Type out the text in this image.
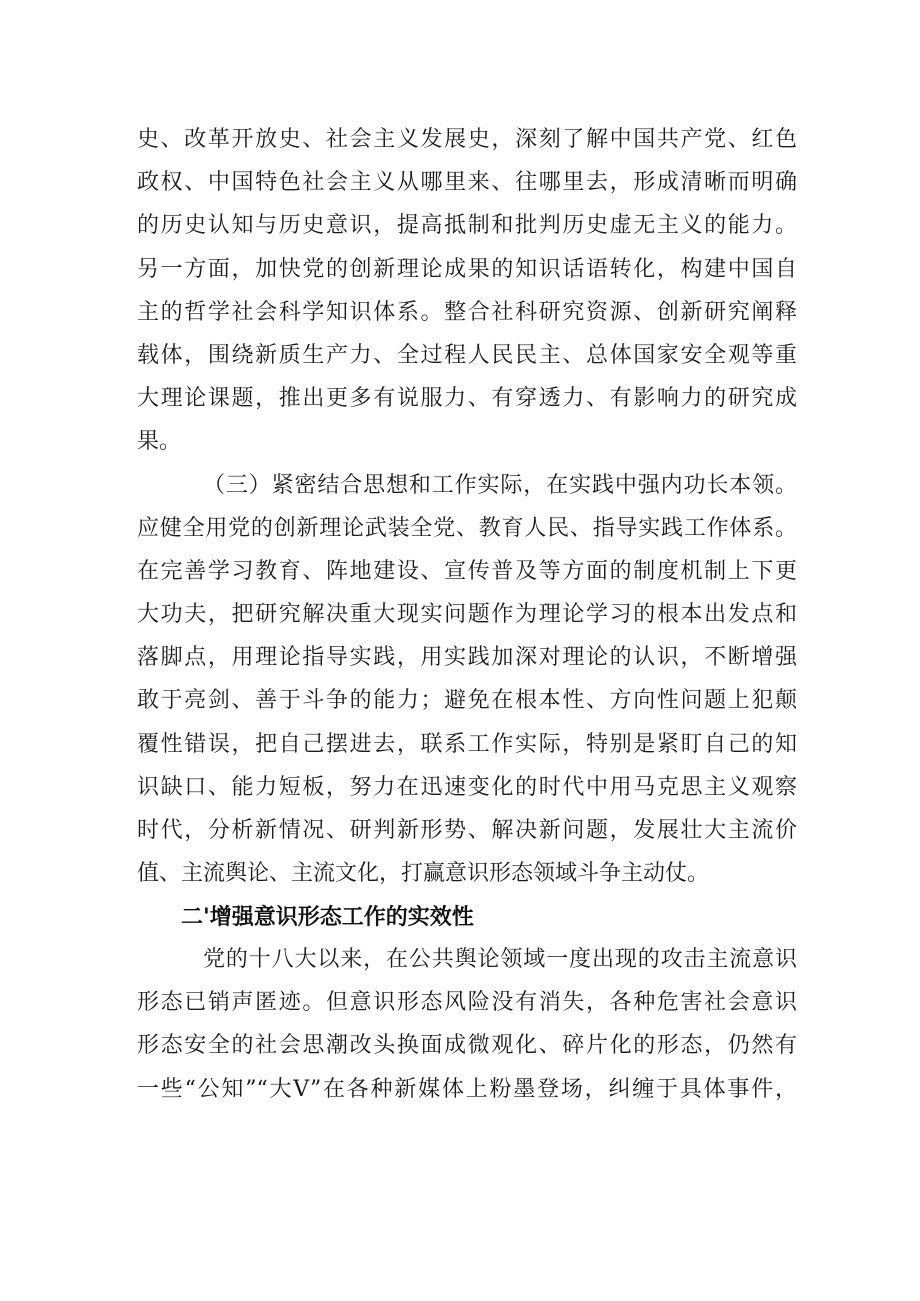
史、改革开放史、社会主义发展史，深刻了解中国共产党、红色
政权、中国特色社会主义从哪里来、往哪里去，形成清晰而明确
的历史认知与历史意识，提高抵制和批判历史虚无主义的能力。
另一方面，加快党的创新理论成果的知识话语转化，构建中国自
主的哲学社会科学知识体系。整合社科研究资源、创新研究阐释
载体，围绕新质生产力、全过程人民民主、总体国家安全观等重
大理论课题，推出更多有说服力、有穿透力、有影响力的研究成
果。
（三）紧密结合思想和工作实际，在实践中强内功长本领。
应健全用党的创新理论武装全党、教育人民、指导实践工作体系。
在完善学习教育、阵地建设、宣传普及等方面的制度机制上下更
大功夫，把研究解决重大现实问题作为理论学习的根本出发点和
落脚点，用理论指导实践，用实践加深对理论的认识，不断增强
敢于亮剑、善于斗争的能力；避免在根本性、方向性问题上犯颠
覆性错误，把自己摆进去，联系工作实际，特别是紧盯自己的知
识缺口、能力短板，努力在迅速变化的时代中用马克思主义观察
时代，分析新情况、研判新形势、解决新问题，发展壮大主流价
值、主流舆论、主流文化，打赢意识形态领域斗争主动仗。
二'增强意识形态工作的实效性
党的十八大以来，在公共舆论领域一度出现的攻击主流意识
形态已销声匿迹。但意识形态风险没有消失，各种危害社会意识
形态安全的社会思潮改头换面成微观化、碎片化的形态，仍然有
一些“公知”“大V”在各种新媒体上粉墨登场，纠缠于具体事件，
